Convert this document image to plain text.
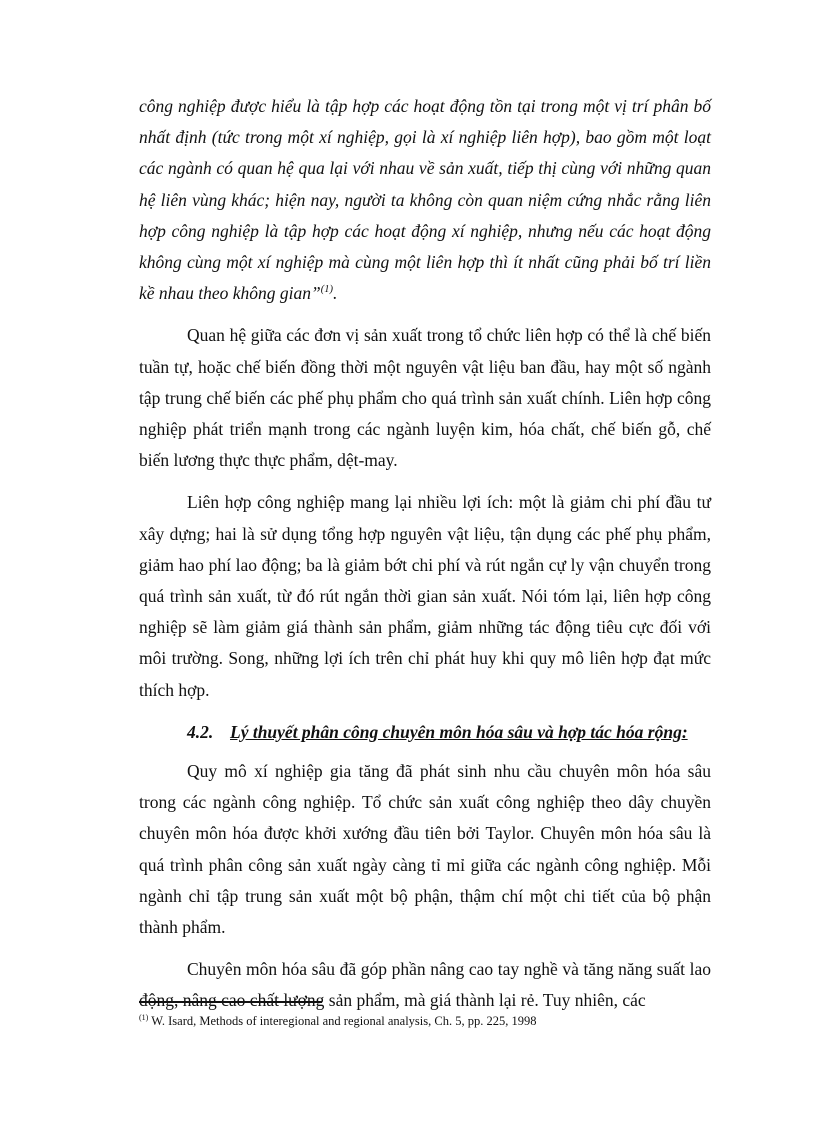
công nghiệp được hiểu là tập hợp các hoạt động tồn tại trong một vị trí phân bố nhất định (tức trong một xí nghiệp, gọi là xí nghiệp liên hợp), bao gồm một loạt các ngành có quan hệ qua lại với nhau về sản xuất, tiếp thị cùng với những quan hệ liên vùng khác; hiện nay, người ta không còn quan niệm cứng nhắc rằng liên hợp công nghiệp là tập hợp các hoạt động xí nghiệp, nhưng nếu các hoạt động không cùng một xí nghiệp mà cùng một liên hợp thì ít nhất cũng phải bố trí liền kề nhau theo không gian”$^{(1)}$.

Quan hệ giữa các đơn vị sản xuất trong tổ chức liên hợp có thể là chế biến tuần tự, hoặc chế biến đồng thời một nguyên vật liệu ban đầu, hay một số ngành tập trung chế biến các phế phụ phẩm cho quá trình sản xuất chính. Liên hợp công nghiệp phát triển mạnh trong các ngành luyện kim, hóa chất, chế biến gỗ, chế biến lương thực thực phẩm, dệt-may.

Liên hợp công nghiệp mang lại nhiều lợi ích: một là giảm chi phí đầu tư xây dựng; hai là sử dụng tổng hợp nguyên vật liệu, tận dụng các phế phụ phẩm, giảm hao phí lao động; ba là giảm bớt chi phí và rút ngắn cự ly vận chuyển trong quá trình sản xuất, từ đó rút ngắn thời gian sản xuất. Nói tóm lại, liên hợp công nghiệp sẽ làm giảm giá thành sản phẩm, giảm những tác động tiêu cực đối với môi trường. Song, những lợi ích trên chỉ phát huy khi quy mô liên hợp đạt mức thích hợp.

4.2. Lý thuyết phân công chuyên môn hóa sâu và hợp tác hóa rộng:

Quy mô xí nghiệp gia tăng đã phát sinh nhu cầu chuyên môn hóa sâu trong các ngành công nghiệp. Tổ chức sản xuất công nghiệp theo dây chuyền chuyên môn hóa được khởi xướng đầu tiên bởi Taylor. Chuyên môn hóa sâu là quá trình phân công sản xuất ngày càng tỉ mỉ giữa các ngành công nghiệp. Mỗi ngành chỉ tập trung sản xuất một bộ phận, thậm chí một chi tiết của bộ phận thành phẩm.

Chuyên môn hóa sâu đã góp phần nâng cao tay nghề và tăng năng suất lao động, nâng cao chất lượng sản phẩm, mà giá thành lại rẻ. Tuy nhiên, các

$^{(1)}$ W. Isard, Methods of interegional and regional analysis, Ch. 5, pp. 225, 1998
